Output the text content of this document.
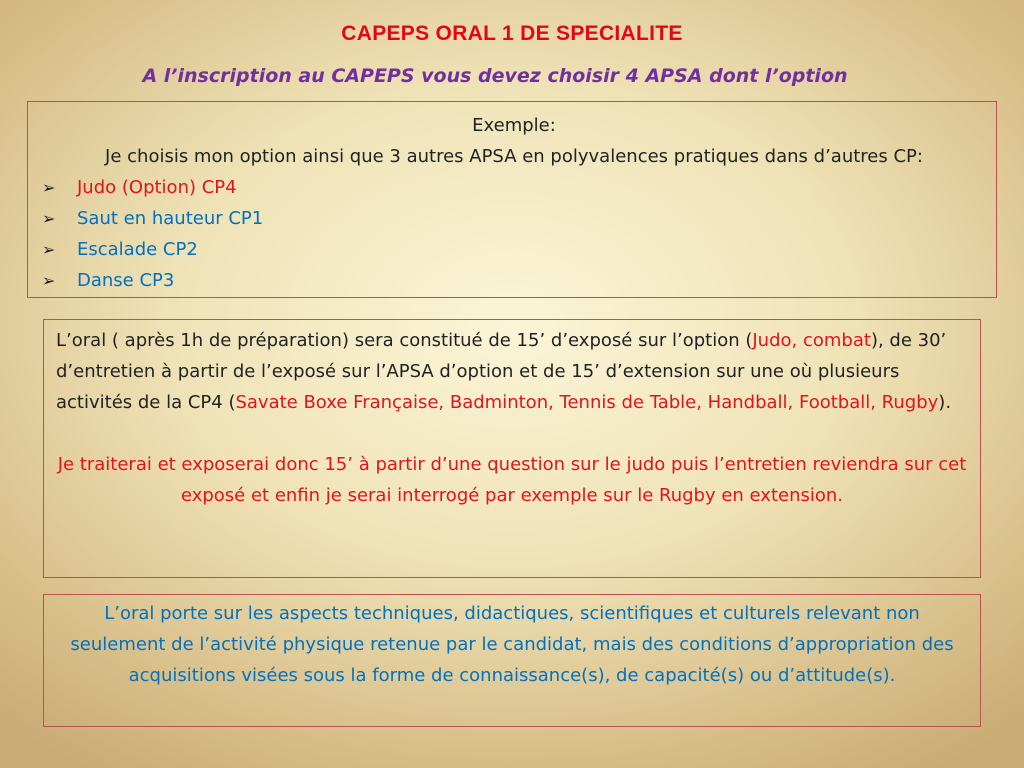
CAPEPS ORAL 1 DE SPECIALITE
A l’inscription au CAPEPS vous devez choisir 4 APSA dont l’option
Exemple:
Je choisis mon option ainsi que 3 autres APSA en polyvalences pratiques dans d’autres CP:
➢ Judo (Option) CP4
➢ Saut en hauteur CP1
➢ Escalade CP2
➢ Danse CP3

L’oral ( après 1h de préparation) sera constitué de 15’ d’exposé sur l’option (Judo, combat), de 30’ d’entretien à partir de l’exposé sur l’APSA d’option et de 15’ d’extension sur une où plusieurs activités de la CP4 (Savate Boxe Française, Badminton, Tennis de Table, Handball, Football, Rugby).

Je traiterai et exposerai donc 15’ à partir d’une question sur le judo puis l’entretien reviendra sur cet exposé et enfin je serai interrogé par exemple sur le Rugby en extension.

L’oral porte sur les aspects techniques, didactiques, scientifiques et culturels relevant non seulement de l’activité physique retenue par le candidat, mais des conditions d’appropriation des acquisitions visées sous la forme de connaissance(s), de capacité(s) ou d’attitude(s).
